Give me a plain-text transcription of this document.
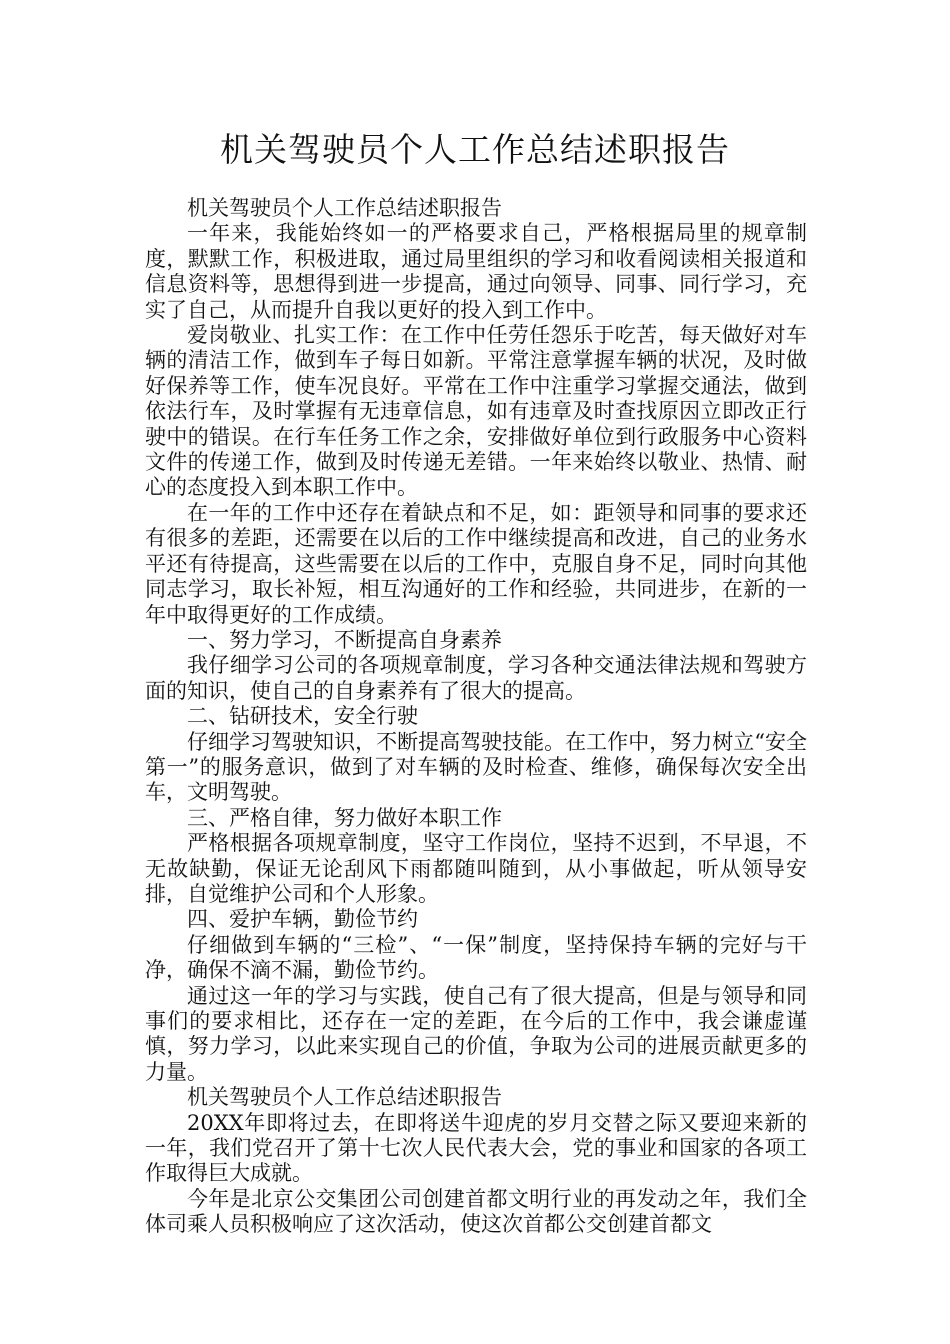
机关驾驶员个人工作总结述职报告

机关驾驶员个人工作总结述职报告

一年来，我能始终如一的严格要求自己，严格根据局里的规章制度，默默工作，积极进取，通过局里组织的学习和收看阅读相关报道和信息资料等，思想得到进一步提高，通过向领导、同事、同行学习，充实了自己，从而提升自我以更好的投入到工作中。

爱岗敬业、扎实工作：在工作中任劳任怨乐于吃苦，每天做好对车辆的清洁工作，做到车子每日如新。平常注意掌握车辆的状况，及时做好保养等工作，使车况良好。平常在工作中注重学习掌握交通法，做到依法行车，及时掌握有无违章信息，如有违章及时查找原因立即改正行驶中的错误。在行车任务工作之余，安排做好单位到行政服务中心资料文件的传递工作，做到及时传递无差错。一年来始终以敬业、热情、耐心的态度投入到本职工作中。

在一年的工作中还存在着缺点和不足，如：距领导和同事的要求还有很多的差距，还需要在以后的工作中继续提高和改进，自己的业务水平还有待提高，这些需要在以后的工作中，克服自身不足，同时向其他同志学习，取长补短，相互沟通好的工作和经验，共同进步，在新的一年中取得更好的工作成绩。

一、努力学习，不断提高自身素养

我仔细学习公司的各项规章制度，学习各种交通法律法规和驾驶方面的知识，使自己的自身素养有了很大的提高。

二、钻研技术，安全行驶

仔细学习驾驶知识，不断提高驾驶技能。在工作中，努力树立“安全第一”的服务意识，做到了对车辆的及时检查、维修，确保每次安全出车，文明驾驶。

三、严格自律，努力做好本职工作

严格根据各项规章制度，坚守工作岗位，坚持不迟到，不早退，不无故缺勤，保证无论刮风下雨都随叫随到，从小事做起，听从领导安排，自觉维护公司和个人形象。

四、爱护车辆，勤俭节约

仔细做到车辆的“三检”、“一保”制度，坚持保持车辆的完好与干净，确保不滴不漏，勤俭节约。

通过这一年的学习与实践，使自己有了很大提高，但是与领导和同事们的要求相比，还存在一定的差距，在今后的工作中，我会谦虚谨慎，努力学习，以此来实现自己的价值，争取为公司的进展贡献更多的力量。

机关驾驶员个人工作总结述职报告

20XX年即将过去，在即将送牛迎虎的岁月交替之际又要迎来新的一年，我们党召开了第十七次人民代表大会，党的事业和国家的各项工作取得巨大成就。

今年是北京公交集团公司创建首都文明行业的再发动之年，我们全体司乘人员积极响应了这次活动，使这次首都公交创建首都文
